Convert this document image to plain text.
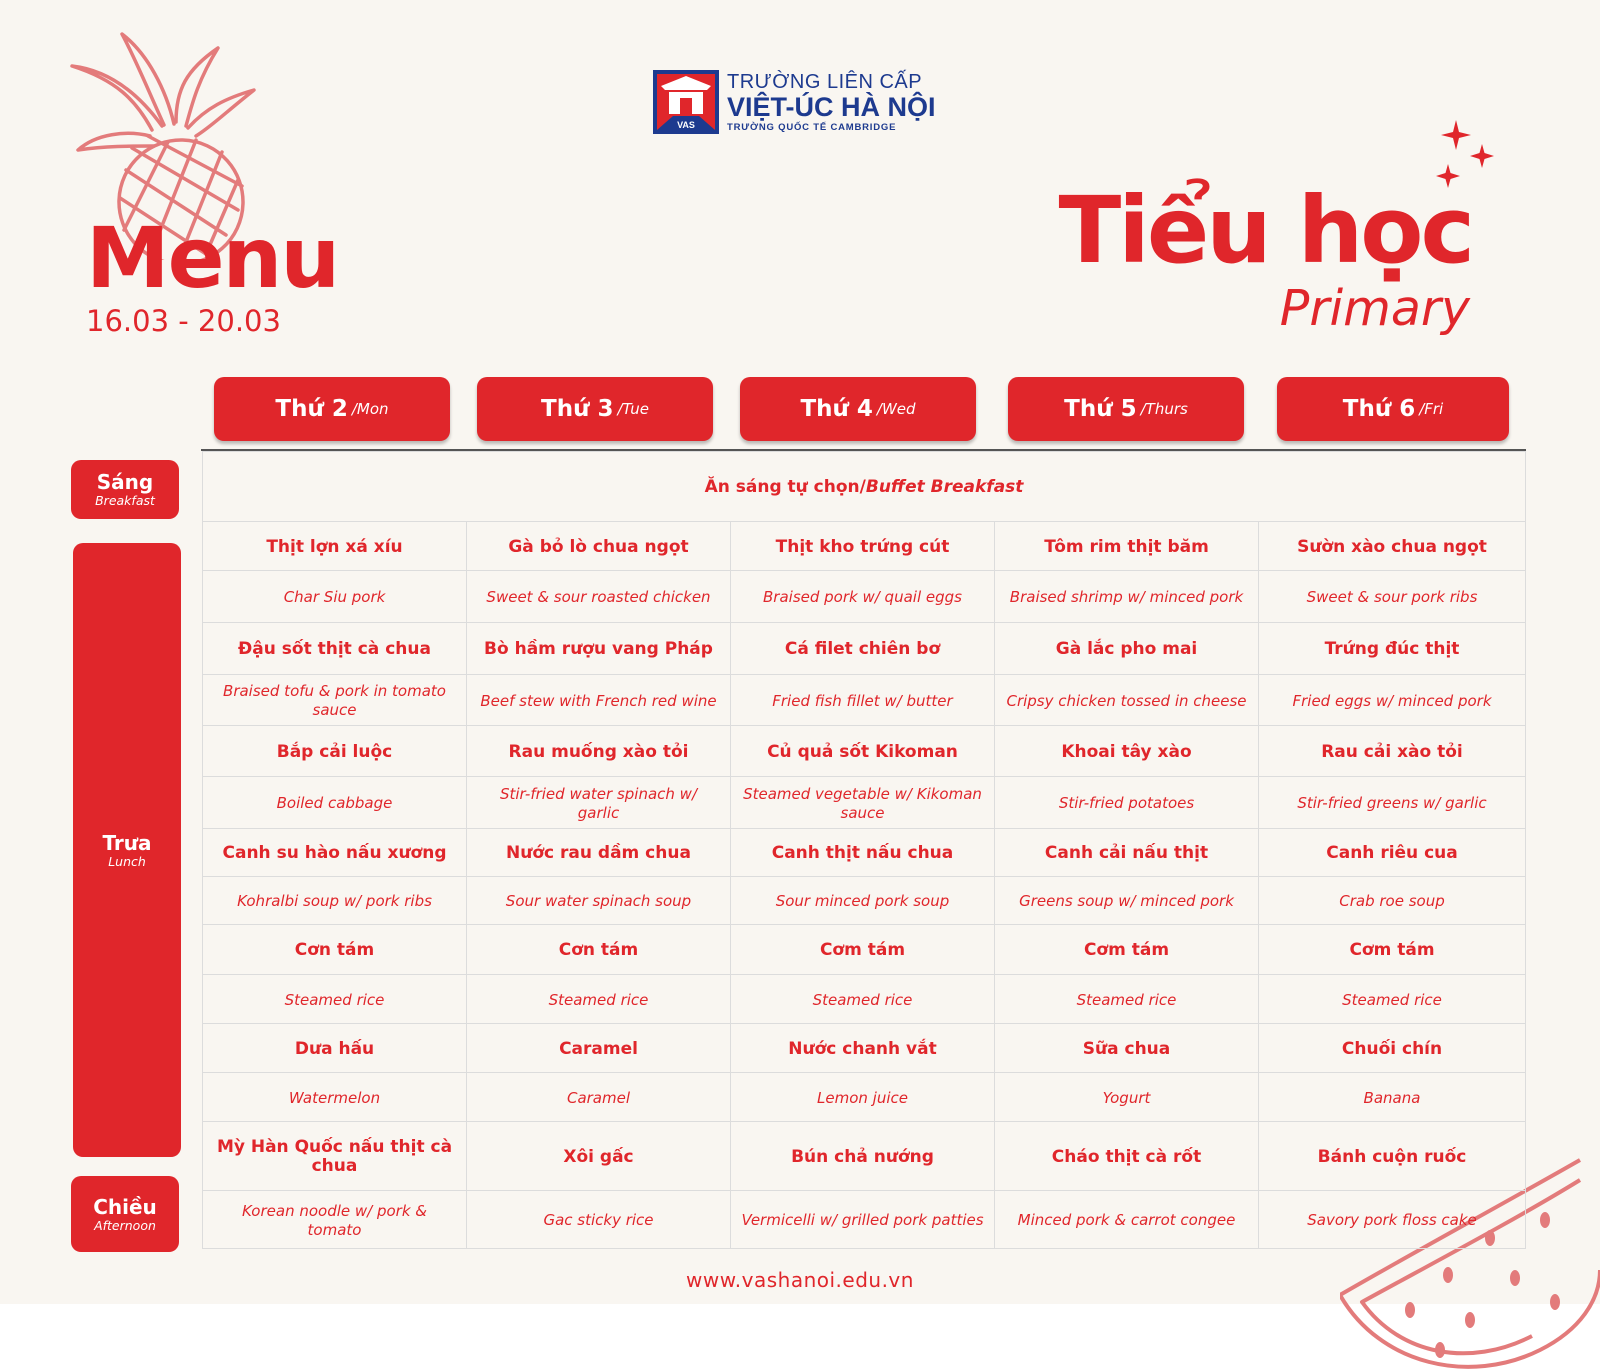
VAS
TRƯỜNG LIÊN CẤP
VIỆT-ÚC HÀ NỘI
TRƯỜNG QUỐC TẾ CAMBRIDGE
Menu
16.03 - 20.03
Tiểu học
Primary
Thứ 2 /Mon	Thứ 3 /Tue	Thứ 4 /Wed	Thứ 5 /Thurs	Thứ 6 /Fri
Sáng
Breakfast
Trưa
Lunch
Chiều
Afternoon
Ăn sáng tự chọn/Buffet Breakfast				
Thịt lợn xá xíu	Gà bỏ lò chua ngọt	Thịt kho trứng cút	Tôm rim thịt băm	Sườn xào chua ngọt
Char Siu pork	Sweet & sour roasted chicken	Braised pork w/ quail eggs	Braised shrimp w/ minced pork	Sweet & sour pork ribs
Đậu sốt thịt cà chua	Bò hầm rượu vang Pháp	Cá filet chiên bơ	Gà lắc pho mai	Trứng đúc thịt
Braised tofu & pork in tomato sauce	Beef stew with French red wine	Fried fish fillet w/ butter	Cripsy chicken tossed in cheese	Fried eggs w/ minced pork
Bắp cải luộc	Rau muống xào tỏi	Củ quả sốt Kikoman	Khoai tây xào	Rau cải xào tỏi
Boiled cabbage	Stir-fried water spinach w/ garlic	Steamed vegetable w/ Kikoman sauce	Stir-fried potatoes	Stir-fried greens w/ garlic
Canh su hào nấu xương	Nước rau dầm chua	Canh thịt nấu chua	Canh cải nấu thịt	Canh riêu cua
Kohralbi soup w/ pork ribs	Sour water spinach soup	Sour minced pork soup	Greens soup w/ minced pork	Crab roe soup
Cơn tám	Cơn tám	Cơm tám	Cơm tám	Cơm tám
Steamed rice	Steamed rice	Steamed rice	Steamed rice	Steamed rice
Dưa hấu	Caramel	Nước chanh vắt	Sữa chua	Chuối chín
Watermelon	Caramel	Lemon juice	Yogurt	Banana
Mỳ Hàn Quốc nấu thịt cà chua	Xôi gấc	Bún chả nướng	Cháo thịt cà rốt	Bánh cuộn ruốc
Korean noodle w/ pork & tomato	Gac sticky rice	Vermicelli w/ grilled pork patties	Minced pork & carrot congee	Savory pork floss cake
www.vashanoi.edu.vn
